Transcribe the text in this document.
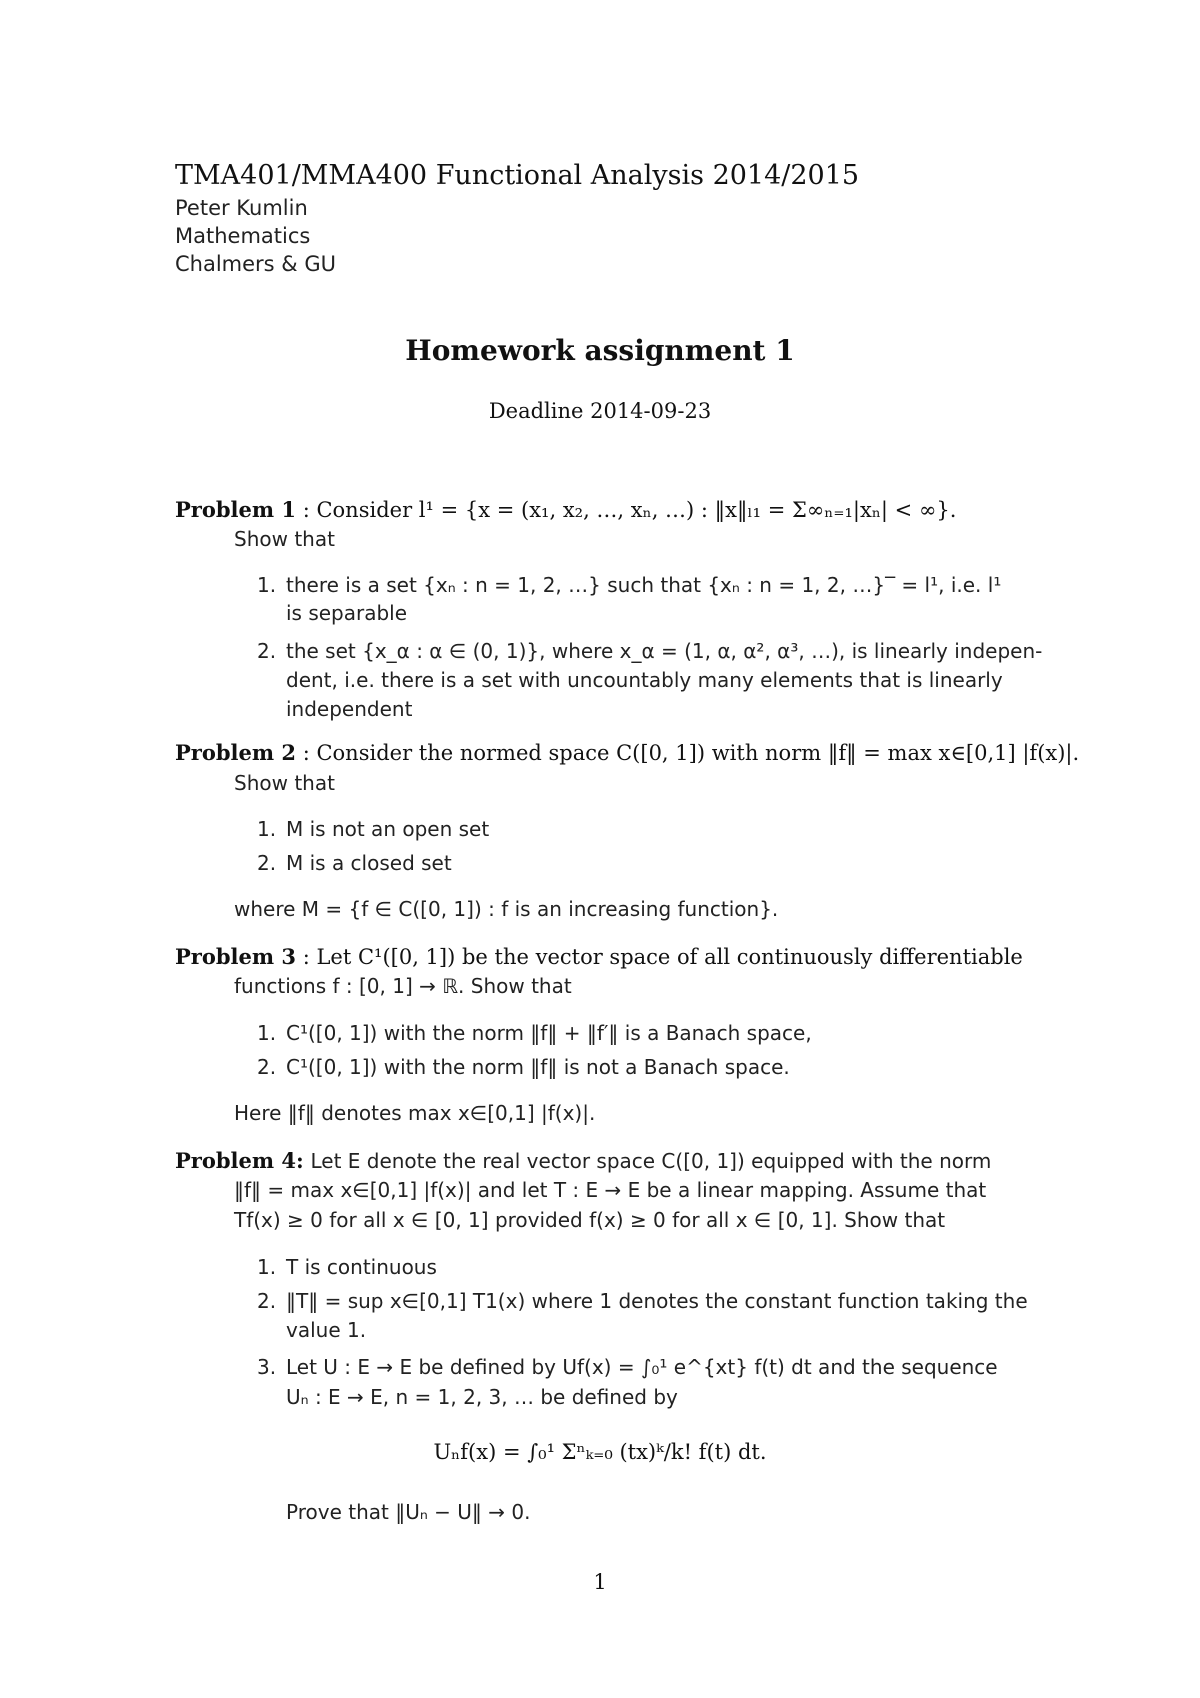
TMA401/MMA400 Functional Analysis 2014/2015
Peter Kumlin
Mathematics
Chalmers & GU
Homework assignment 1
Deadline 2014-09-23
Problem 1 : Consider l¹ = {x = (x₁, x₂, …, xₙ, …) : ‖x‖ₗ₁ = Σ∞ₙ₌₁|xₙ| < ∞}.
Show that
1. there is a set {xₙ : n = 1, 2, …} such that {xₙ : n = 1, 2, …}‾ = l¹, i.e. l¹
is separable
2. the set {x_α : α ∈ (0, 1)}, where x_α = (1, α, α², α³, …), is linearly indepen-
dent, i.e. there is a set with uncountably many elements that is linearly
independent
Problem 2 : Consider the normed space C([0, 1]) with norm ‖f‖ = max x∈[0,1] |f(x)|.
Show that
1. M is not an open set
2. M is a closed set
where M = {f ∈ C([0, 1]) : f is an increasing function}.
Problem 3 : Let C¹([0, 1]) be the vector space of all continuously differentiable
functions f : [0, 1] → ℝ. Show that
1. C¹([0, 1]) with the norm ‖f‖ + ‖f′‖ is a Banach space,
2. C¹([0, 1]) with the norm ‖f‖ is not a Banach space.
Here ‖f‖ denotes max x∈[0,1] |f(x)|.
Problem 4: Let E denote the real vector space C([0, 1]) equipped with the norm
‖f‖ = max x∈[0,1] |f(x)| and let T : E → E be a linear mapping. Assume that
Tf(x) ≥ 0 for all x ∈ [0, 1] provided f(x) ≥ 0 for all x ∈ [0, 1]. Show that
1. T is continuous
2. ‖T‖ = sup x∈[0,1] T1(x) where 1 denotes the constant function taking the
value 1.
3. Let U : E → E be defined by Uf(x) = ∫₀¹ e^{xt} f(t) dt and the sequence
Uₙ : E → E, n = 1, 2, 3, … be defined by
Uₙf(x) = ∫₀¹ Σⁿₖ₌₀ (tx)ᵏ/k! f(t) dt.
Prove that ‖Uₙ − U‖ → 0.
1
